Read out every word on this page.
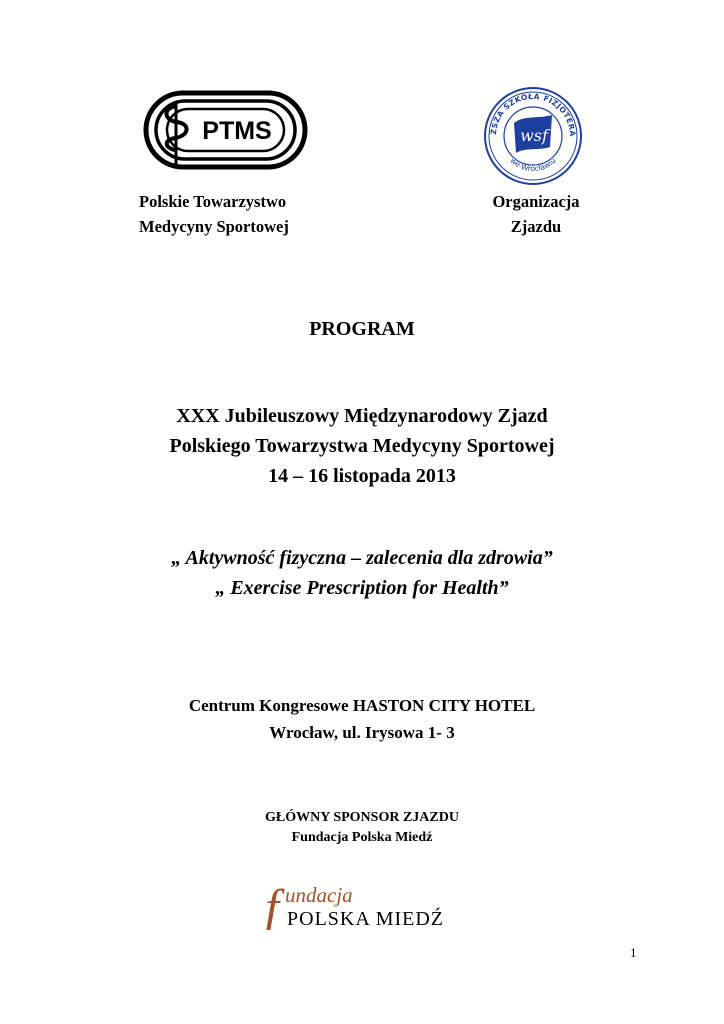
PTMS	ŻSZA SZKOŁA FIZJOTERA
we Wrocławiu
wsf
Polskie Towarzystwo
Medycyny Sportowej
Organizacja
Zjazdu
PROGRAM
XXX Jubileuszowy Międzynarodowy Zjazd
Polskiego Towarzystwa Medycyny Sportowej
14 – 16 listopada 2013
„ Aktywność fizyczna – zalecenia dla zdrowia”
„ Exercise Prescription for Health”
Centrum Kongresowe HASTON CITY HOTEL
Wrocław, ul. Irysowa 1- 3
GŁÓWNY SPONSOR ZJAZDU
Fundacja Polska Miedź
f undacja
POLSKA MIEDŹ
1
